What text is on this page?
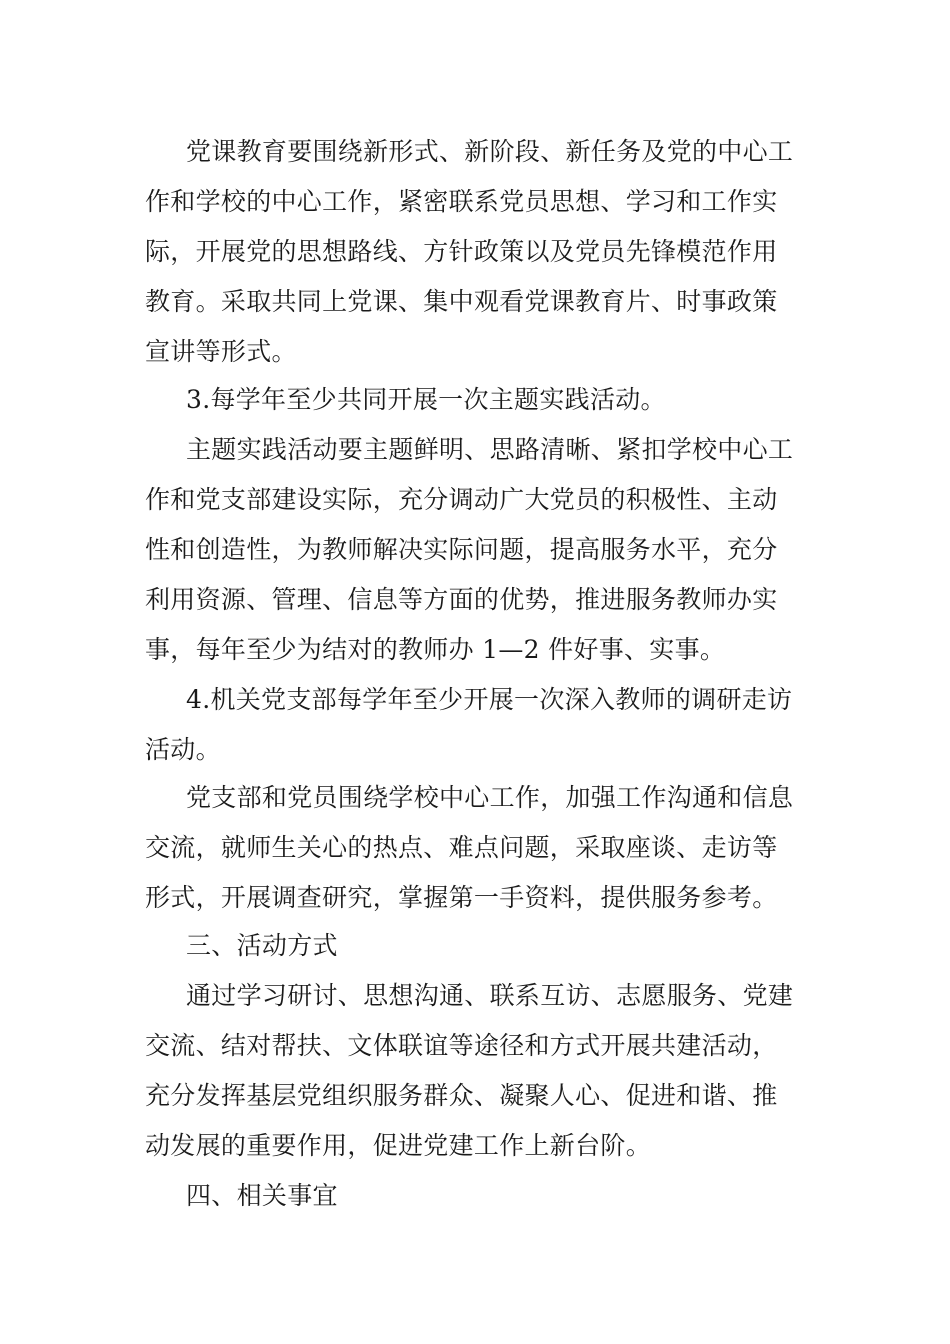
党课教育要围绕新形式、新阶段、新任务及党的中心工
作和学校的中心工作，紧密联系党员思想、学习和工作实
际，开展党的思想路线、方针政策以及党员先锋模范作用
教育。采取共同上党课、集中观看党课教育片、时事政策
宣讲等形式。
3.每学年至少共同开展一次主题实践活动。
主题实践活动要主题鲜明、思路清晰、紧扣学校中心工
作和党支部建设实际，充分调动广大党员的积极性、主动
性和创造性，为教师解决实际问题，提高服务水平，充分
利用资源、管理、信息等方面的优势，推进服务教师办实
事，每年至少为结对的教师办 1—2 件好事、实事。
4.机关党支部每学年至少开展一次深入教师的调研走访
活动。
党支部和党员围绕学校中心工作，加强工作沟通和信息
交流，就师生关心的热点、难点问题，采取座谈、走访等
形式，开展调查研究，掌握第一手资料，提供服务参考。
三、活动方式
通过学习研讨、思想沟通、联系互访、志愿服务、党建
交流、结对帮扶、文体联谊等途径和方式开展共建活动，
充分发挥基层党组织服务群众、凝聚人心、促进和谐、推
动发展的重要作用，促进党建工作上新台阶。
四、相关事宜
